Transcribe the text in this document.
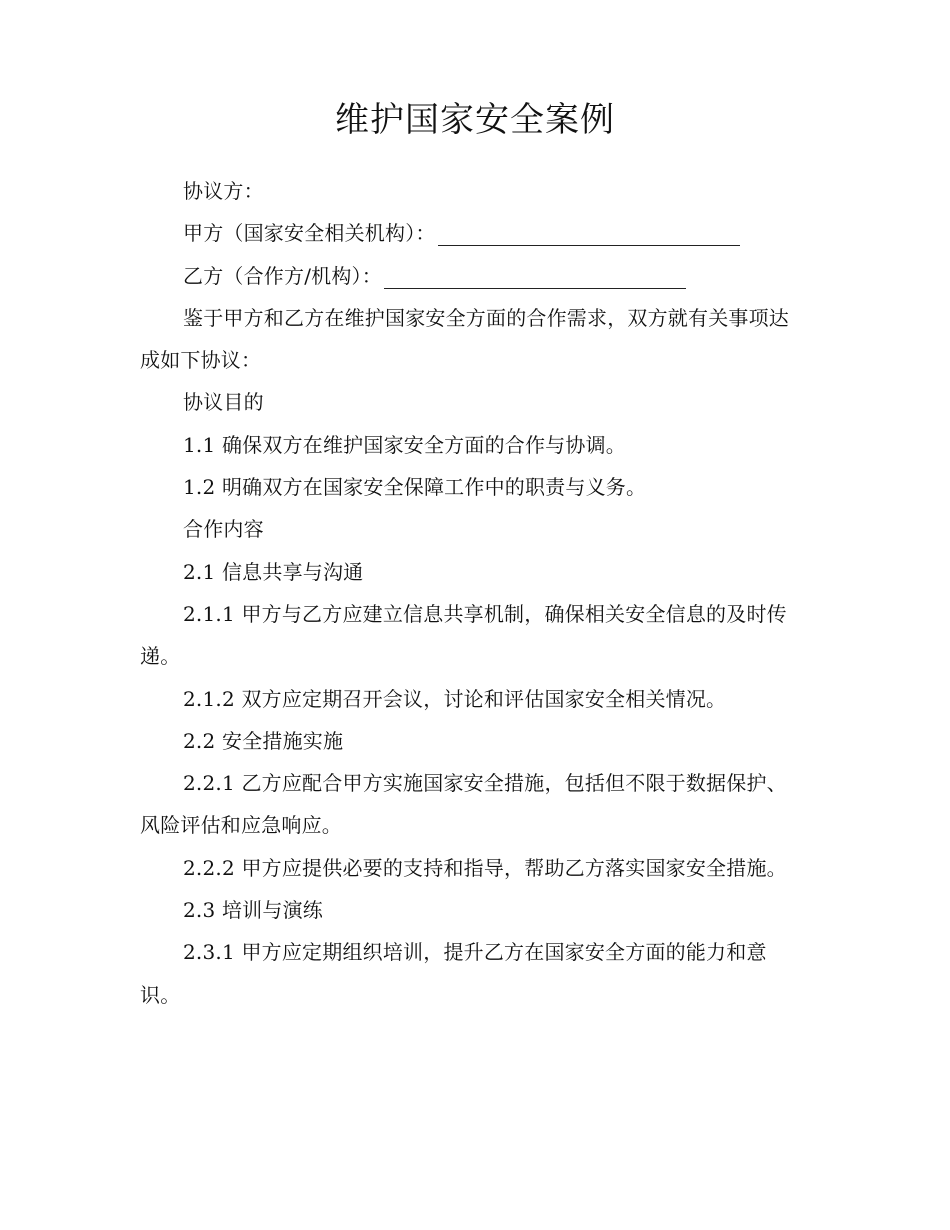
维护国家安全案例

协议方：

甲方（国家安全相关机构）：

乙方（合作方/机构）：

鉴于甲方和乙方在维护国家安全方面的合作需求，双方就有关事项达成如下协议：

协议目的

1.1 确保双方在维护国家安全方面的合作与协调。

1.2 明确双方在国家安全保障工作中的职责与义务。

合作内容

2.1 信息共享与沟通

2.1.1 甲方与乙方应建立信息共享机制，确保相关安全信息的及时传递。

2.1.2 双方应定期召开会议，讨论和评估国家安全相关情况。

2.2 安全措施实施

2.2.1 乙方应配合甲方实施国家安全措施，包括但不限于数据保护、风险评估和应急响应。

2.2.2 甲方应提供必要的支持和指导，帮助乙方落实国家安全措施。

2.3 培训与演练

2.3.1 甲方应定期组织培训，提升乙方在国家安全方面的能力和意识。
